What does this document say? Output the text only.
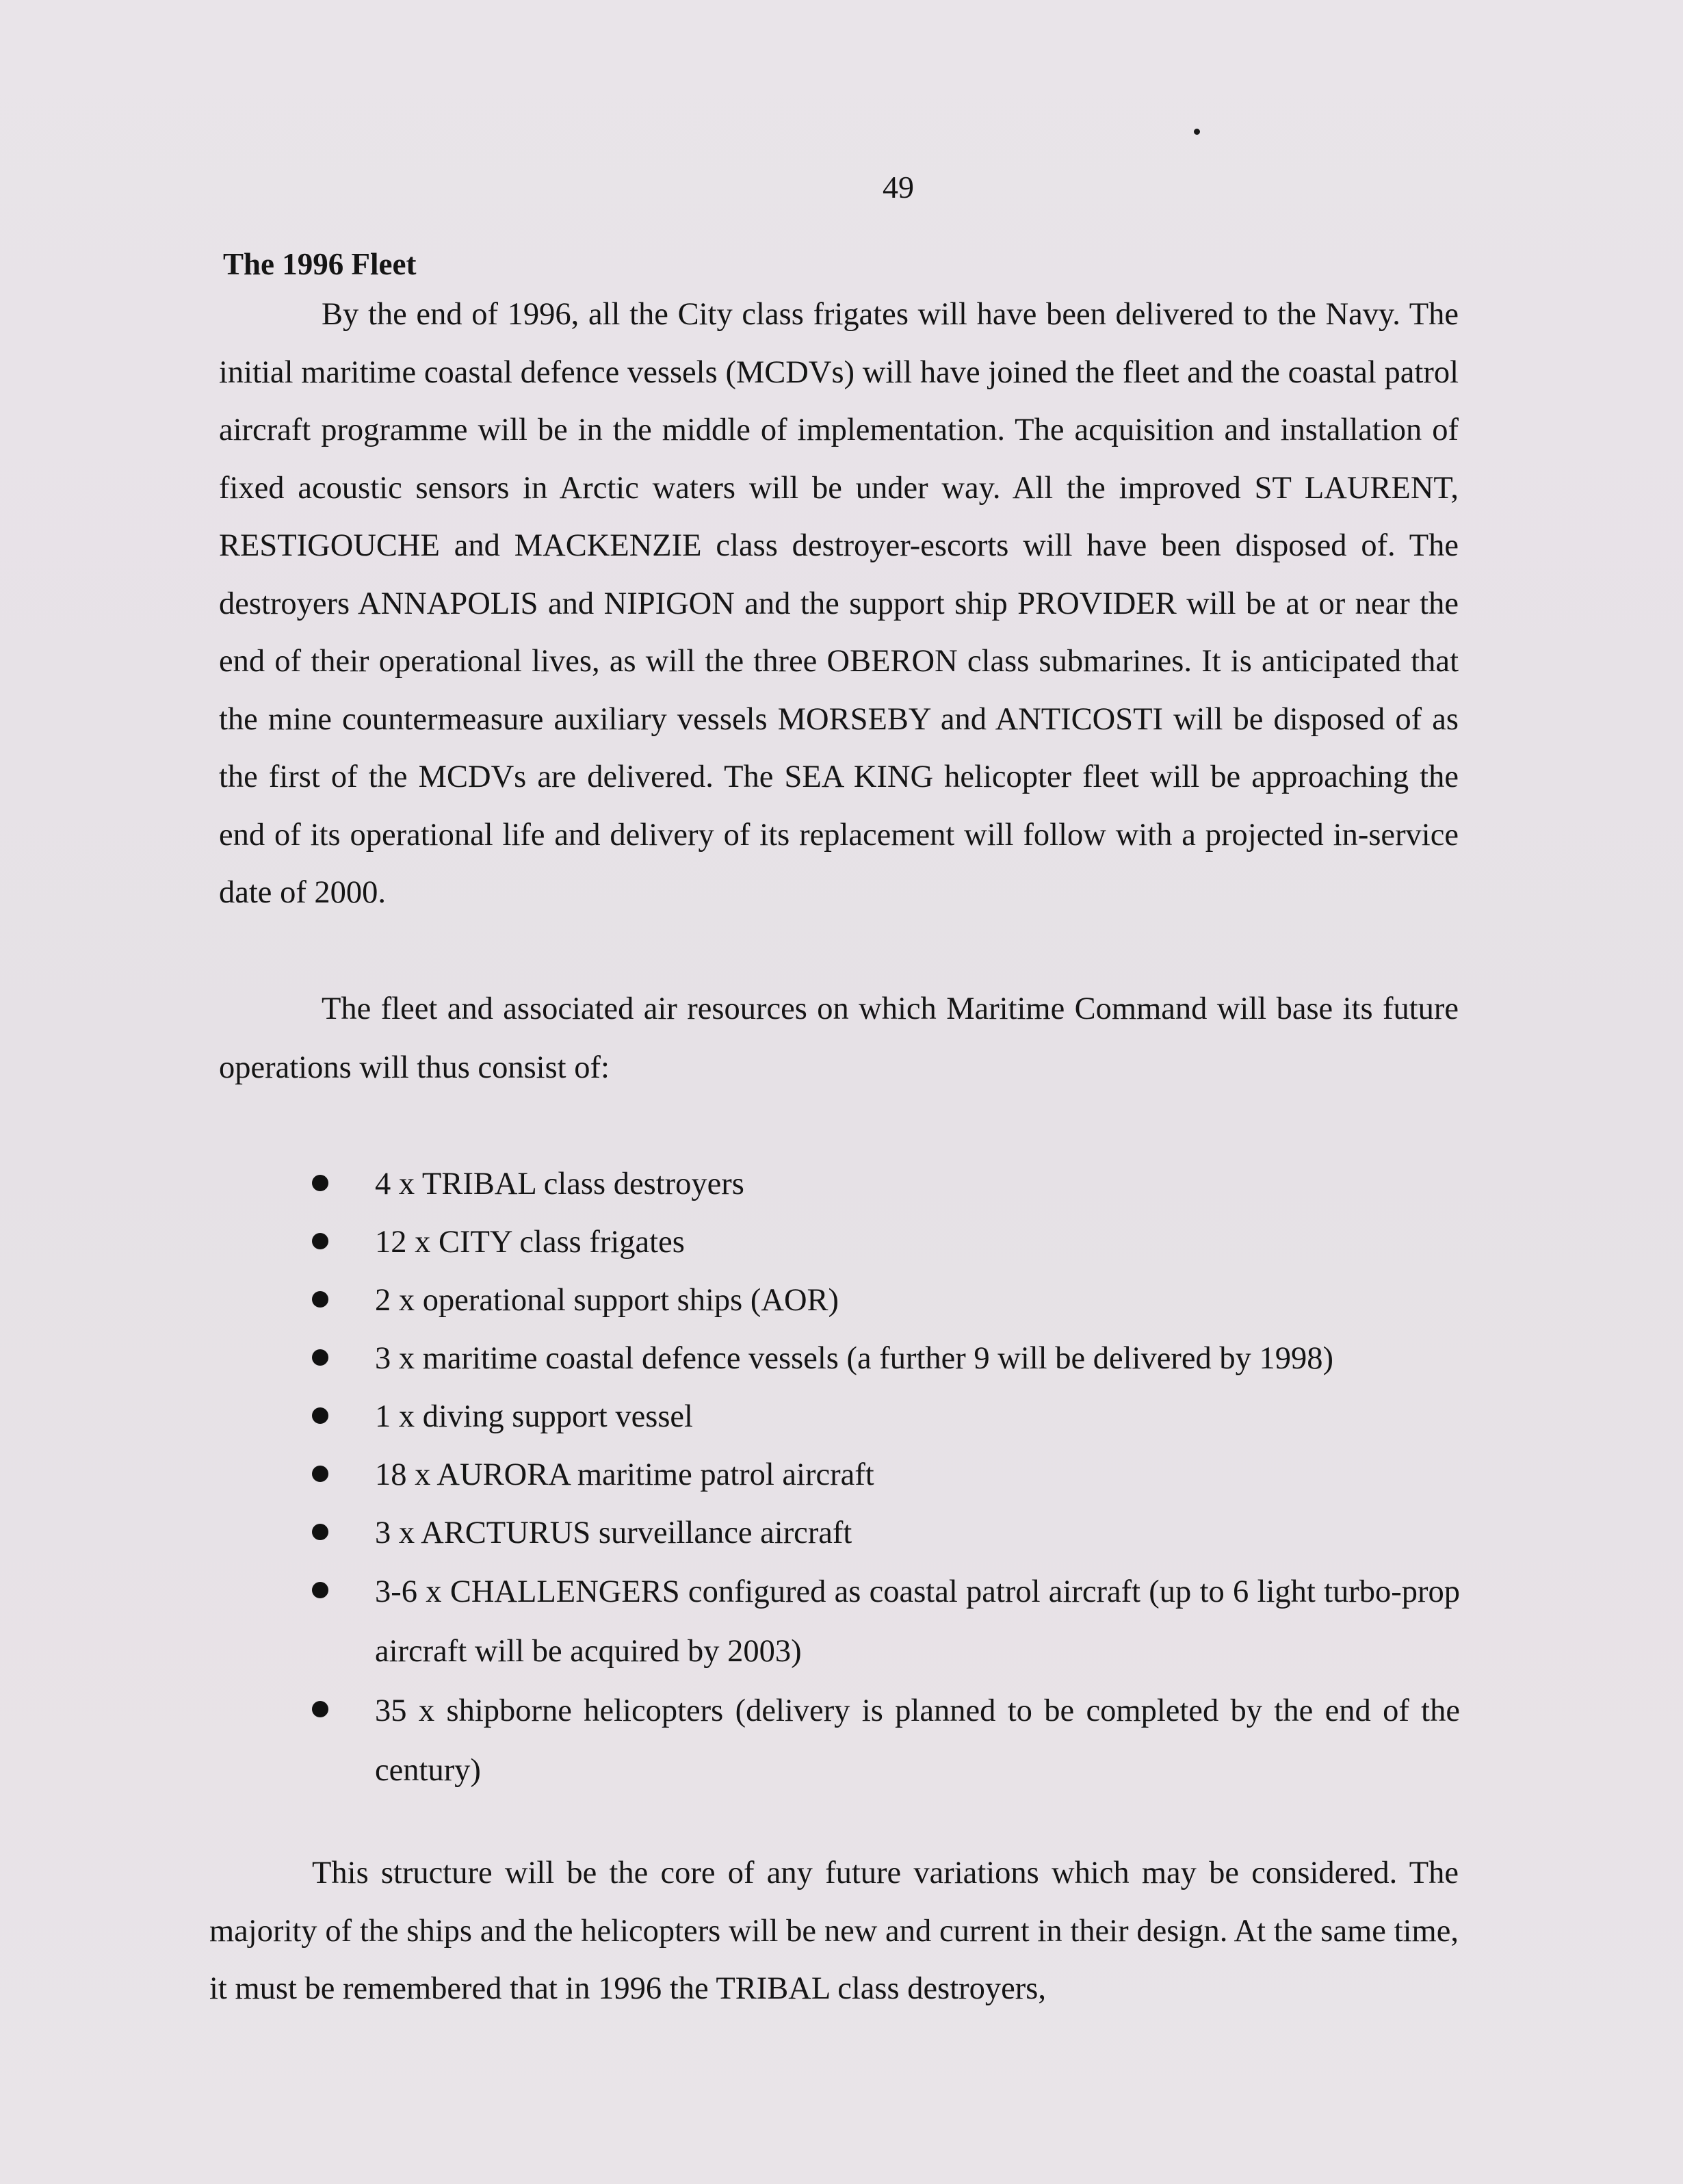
49

The 1996 Fleet

By the end of 1996, all the City class frigates will have been delivered to the Navy. The initial maritime coastal defence vessels (MCDVs) will have joined the fleet and the coastal patrol aircraft programme will be in the middle of implementation. The acquisition and installation of fixed acoustic sensors in Arctic waters will be under way. All the improved ST LAURENT, RESTIGOUCHE and MACKENZIE class destroyer-escorts will have been disposed of. The destroyers ANNAPOLIS and NIPIGON and the support ship PROVIDER will be at or near the end of their operational lives, as will the three OBERON class submarines. It is anticipated that the mine countermeasure auxiliary vessels MORSEBY and ANTICOSTI will be disposed of as the first of the MCDVs are delivered. The SEA KING helicopter fleet will be approaching the end of its operational life and delivery of its replacement will follow with a projected in-service date of 2000.

The fleet and associated air resources on which Maritime Command will base its future operations will thus consist of:

4 x TRIBAL class destroyers
12 x CITY class frigates
2 x operational support ships (AOR)
3 x maritime coastal defence vessels (a further 9 will be delivered by 1998)
1 x diving support vessel
18 x AURORA maritime patrol aircraft
3 x ARCTURUS surveillance aircraft
3-6 x CHALLENGERS configured as coastal patrol aircraft (up to 6 light turbo-prop aircraft will be acquired by 2003)
35 x shipborne helicopters (delivery is planned to be completed by the end of the century)

This structure will be the core of any future variations which may be considered. The majority of the ships and the helicopters will be new and current in their design. At the same time, it must be remembered that in 1996 the TRIBAL class destroyers,
